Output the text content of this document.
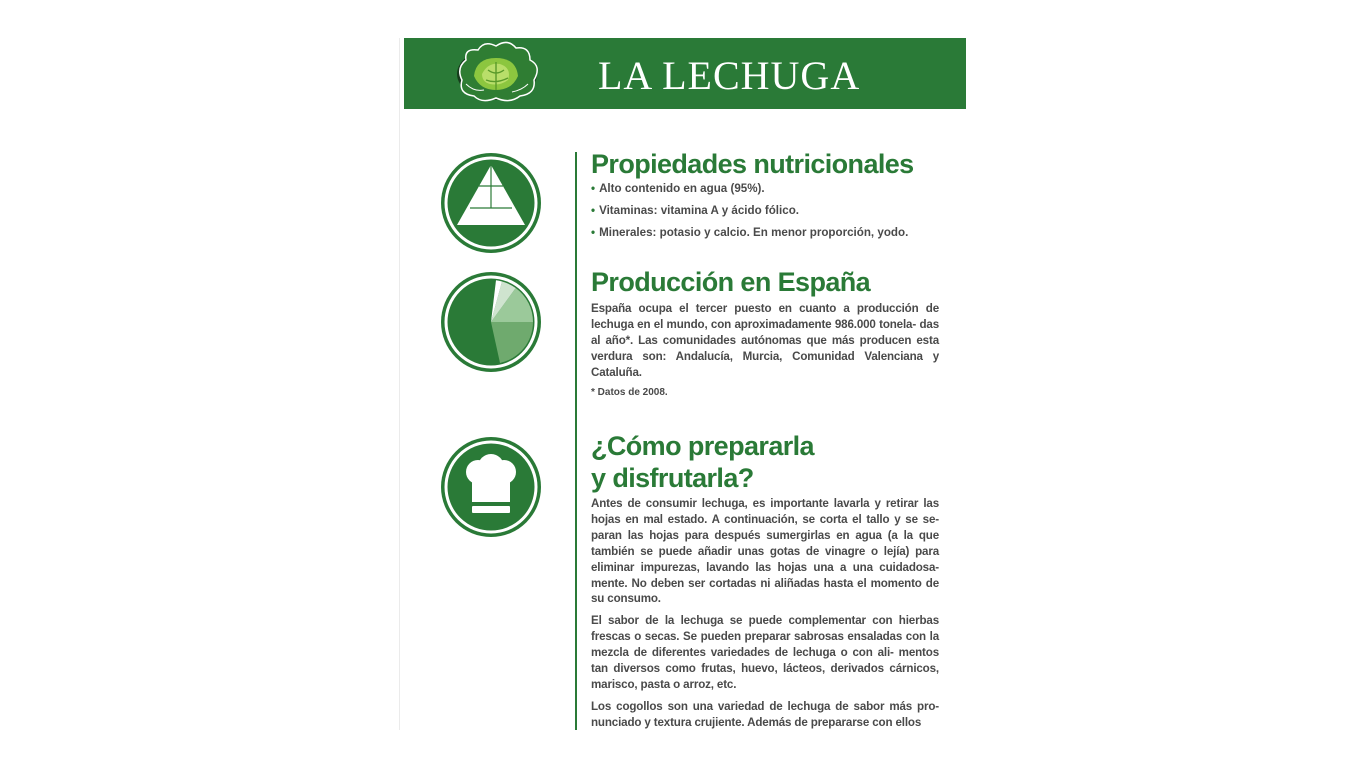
LA LECHUGA
Propiedades nutricionales
• Alto contenido en agua (95%).
• Vitaminas: vitamina A y ácido fólico.
• Minerales: potasio y calcio. En menor proporción, yodo.
Producción en España

España ocupa el tercer puesto en cuanto a producción de lechuga en el mundo, con aproximadamente 986.000 tonela- das al año*. Las comunidades autónomas que más producen esta verdura son: Andalucía, Murcia, Comunidad Valenciana y Cataluña.

* Datos de 2008.
¿Cómo prepararla
y disfrutarla?

Antes de consumir lechuga, es importante lavarla y retirar las hojas en mal estado. A continuación, se corta el tallo y se se- paran las hojas para después sumergirlas en agua (a la que también se puede añadir unas gotas de vinagre o lejía) para eliminar impurezas, lavando las hojas una a una cuidadosa- mente. No deben ser cortadas ni aliñadas hasta el momento de su consumo.

El sabor de la lechuga se puede complementar con hierbas frescas o secas. Se pueden preparar sabrosas ensaladas con la mezcla de diferentes variedades de lechuga o con ali- mentos tan diversos como frutas, huevo, lácteos, derivados cárnicos, marisco, pasta o arroz, etc.

Los cogollos son una variedad de lechuga de sabor más pro- nunciado y textura crujiente. Además de prepararse con ellos
